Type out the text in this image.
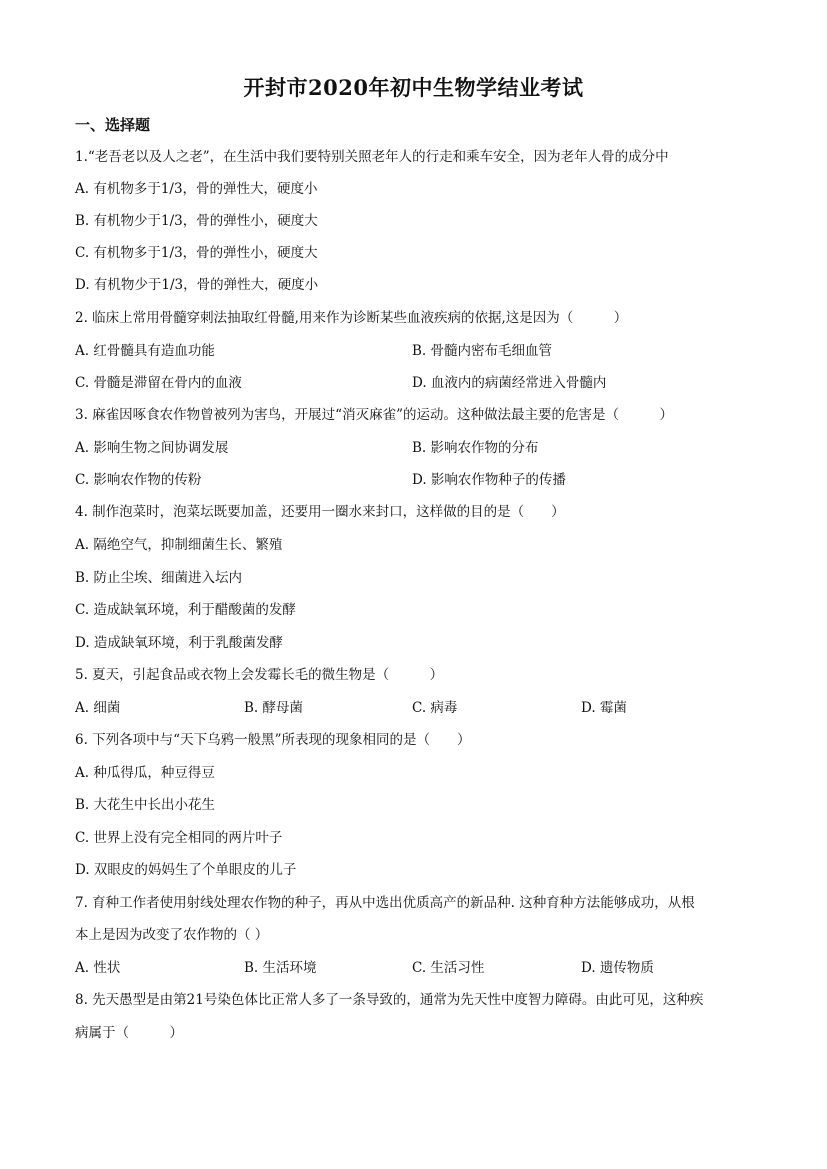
开封市2020年初中生物学结业考试
一、选择题
1.“老吾老以及人之老”，在生活中我们要特别关照老年人的行走和乘车安全，因为老年人骨的成分中
A. 有机物多于1/3，骨的弹性大，硬度小
B. 有机物少于1/3，骨的弹性小，硬度大
C. 有机物多于1/3，骨的弹性小，硬度大
D. 有机物少于1/3，骨的弹性大，硬度小
2. 临床上常用骨髓穿刺法抽取红骨髓,用来作为诊断某些血液疾病的依据,这是因为（　　　）
A. 红骨髓具有造血功能	B. 骨髓内密布毛细血管
C. 骨髓是滞留在骨内的血液	D. 血液内的病菌经常进入骨髓内
3. 麻雀因啄食农作物曾被列为害鸟，开展过“消灭麻雀”的运动。这种做法最主要的危害是（　　　）
A. 影响生物之间协调发展	B. 影响农作物的分布
C. 影响农作物的传粉	D. 影响农作物种子的传播
4. 制作泡菜时，泡菜坛既要加盖，还要用一圈水来封口，这样做的目的是（　　）
A. 隔绝空气，抑制细菌生长、繁殖
B. 防止尘埃、细菌进入坛内
C. 造成缺氧环境，利于醋酸菌的发酵
D. 造成缺氧环境，利于乳酸菌发酵
5. 夏天，引起食品或衣物上会发霉长毛的微生物是（　　　）
A. 细菌	B. 酵母菌	C. 病毒	D. 霉菌
6. 下列各项中与“天下乌鸦一般黑”所表现的现象相同的是（　　）
A. 种瓜得瓜，种豆得豆
B. 大花生中长出小花生
C. 世界上没有完全相同的两片叶子
D. 双眼皮的妈妈生了个单眼皮的儿子
7. 育种工作者使用射线处理农作物的种子，再从中选出优质高产的新品种. 这种育种方法能够成功，从根
本上是因为改变了农作物的（ ）
A. 性状	B. 生活环境	C. 生活习性	D. 遗传物质
8. 先天愚型是由第21号染色体比正常人多了一条导致的，通常为先天性中度智力障碍。由此可见，这种疾
病属于（　　　）
